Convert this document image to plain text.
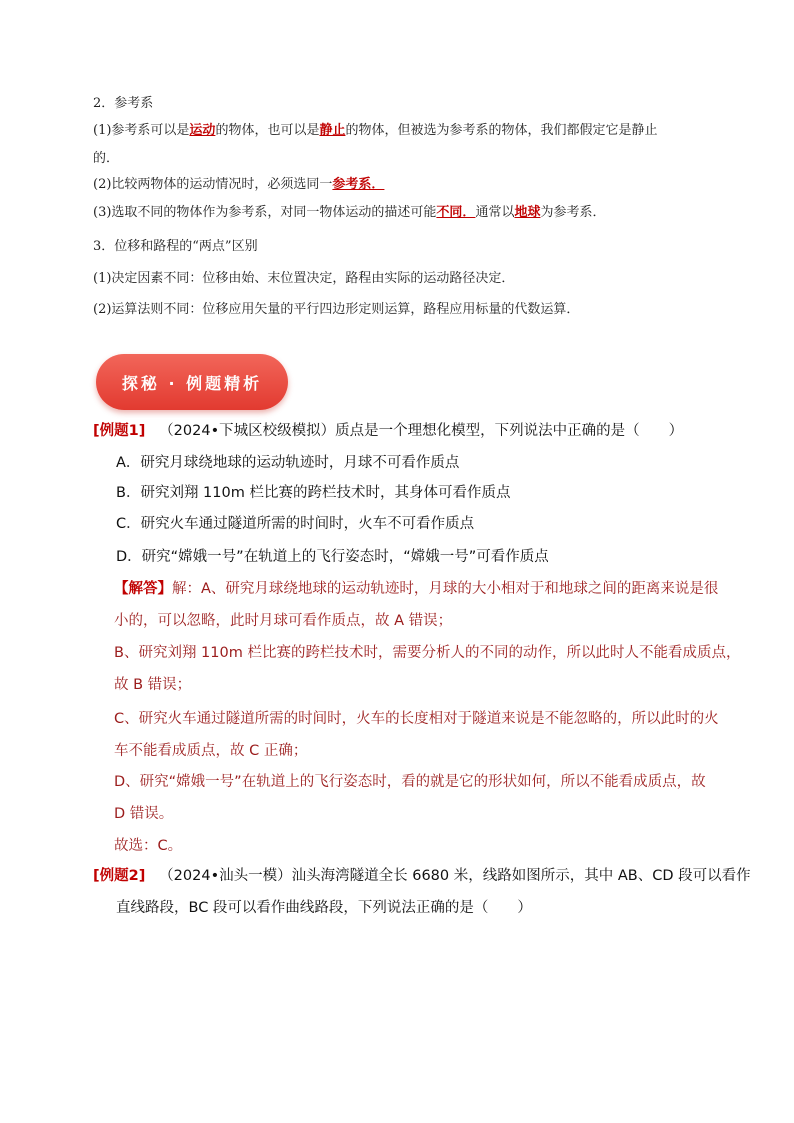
2．参考系
(1)参考系可以是运动的物体，也可以是静止的物体，但被选为参考系的物体，我们都假定它是静止
的．
(2)比较两物体的运动情况时，必须选同一参考系．
(3)选取不同的物体作为参考系，对同一物体运动的描述可能不同．通常以地球为参考系．
3．位移和路程的“两点”区别
(1)决定因素不同：位移由始、末位置决定，路程由实际的运动路径决定．
(2)运算法则不同：位移应用矢量的平行四边形定则运算，路程应用标量的代数运算．
探秘 · 例题精析
[例题1] （2024•下城区校级模拟）质点是一个理想化模型，下列说法中正确的是（　　）
A．研究月球绕地球的运动轨迹时，月球不可看作质点
B．研究刘翔 110m 栏比赛的跨栏技术时，其身体可看作质点
C．研究火车通过隧道所需的时间时，火车不可看作质点
D．研究“嫦娥一号”在轨道上的飞行姿态时，“嫦娥一号”可看作质点
【解答】解：A、研究月球绕地球的运动轨迹时，月球的大小相对于和地球之间的距离来说是很
小的，可以忽略，此时月球可看作质点，故 A 错误；
B、研究刘翔 110m 栏比赛的跨栏技术时，需要分析人的不同的动作，所以此时人不能看成质点，
故 B 错误；
C、研究火车通过隧道所需的时间时，火车的长度相对于隧道来说是不能忽略的，所以此时的火
车不能看成质点，故 C 正确；
D、研究“嫦娥一号”在轨道上的飞行姿态时，看的就是它的形状如何，所以不能看成质点，故
D 错误。
故选：C。
[例题2] （2024•汕头一模）汕头海湾隧道全长 6680 米，线路如图所示，其中 AB、CD 段可以看作
直线路段，BC 段可以看作曲线路段，下列说法正确的是（　　）
